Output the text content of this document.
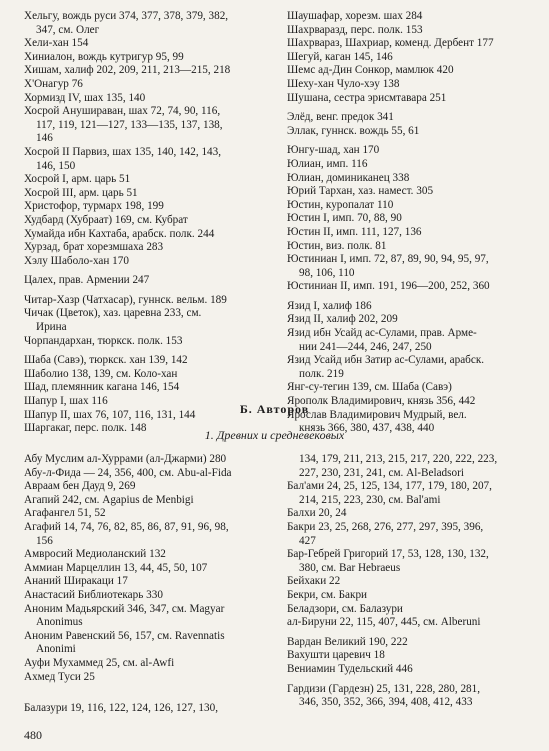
Хельгу, вождь руси 374, 377, 378, 379, 382,
347, см. Олег
Хели-хан 154
Хиниалон, вождь кутригур 95, 99
Хишам, халиф 202, 209, 211, 213—215, 218
Х'Онагур 76
Хормизд IV, шах 135, 140
Хосрой Анушираван, шах 72, 74, 90, 116,
117, 119, 121—127, 133—135, 137, 138,
146
Хосрой II Парвиз, шах 135, 140, 142, 143,
146, 150
Хосрой I, арм. царь 51
Хосрой III, арм. царь 51
Христофор, турмарх 198, 199
Худбард (Хубраат) 169, см. Кубрат
Хумайда ибн Кахтаба, арабск. полк. 244
Хурзад, брат хорезмшаха 283
Хэлу Шаболо-хан 170
Цалех, прав. Армении 247
Читар-Хазр (Чатхасар), гуннск. вельм. 189
Чичак (Цветок), хаз. царевна 233, см.
Ирина
Чорпандархан, тюркск. полк. 153
Шаба (Савэ), тюркск. хан 139, 142
Шаболио 138, 139, см. Коло-хан
Шад, племянник кагана 146, 154
Шапур I, шах 116
Шапур II, шах 76, 107, 116, 131, 144
Шаргакаг, перс. полк. 148
Шаушафар, хорезм. шах 284
Шахрваразд, перс. полк. 153
Шахрвараз, Шахриар, коменд. Дербент 177
Шегуй, каган 145, 146
Шемс ад-Дин Сонкор, мамлюк 420
Шеху-хан Чуло-хэу 138
Шушана, сестра эрисмтавара 251
Элёд, венг. предок 341
Эллак, гуннск. вождь 55, 61
Юнгу-шад, хан 170
Юлиан, имп. 116
Юлиан, доминиканец 338
Юрий Тархан, хаз. намест. 305
Юстин, куропалат 110
Юстин I, имп. 70, 88, 90
Юстин II, имп. 111, 127, 136
Юстин, виз. полк. 81
Юстиниан I, имп. 72, 87, 89, 90, 94, 95, 97,
98, 106, 110
Юстиниан II, имп. 191, 196—200, 252, 360
Язид I, халиф 186
Язид II, халиф 202, 209
Язид ибн Усайд ас-Сулами, прав. Арме-
нии 241—244, 246, 247, 250
Язид Усайд ибн Затир ас-Сулами, арабск.
полк. 219
Янг-су-тегин 139, см. Шаба (Савэ)
Ярополк Владимирович, князь 356, 442
Ярослав Владимирович Мудрый, вел.
князь 366, 380, 437, 438, 440
Б. Авторов
1. Древних и средневековых
Абу Муслим ал-Хуррами (ал-Джарми) 280
Абу-л-Фида — 24, 356, 400, см. Abu-al-Fida
Авраам бен Дауд 9, 269
Агапий 242, см. Agapius de Menbigi
Агафангел 51, 52
Агафий 14, 74, 76, 82, 85, 86, 87, 91, 96, 98,
156
Амвросий Медиоланский 132
Аммиан Марцеллин 13, 44, 45, 50, 107
Ананий Ширакаци 17
Анастасий Библиотекарь 330
Аноним Мадьярский 346, 347, см. Magyar
Anonimus
Аноним Равенский 56, 157, см. Ravennatis
Anonimi
Ауфи Мухаммед 25, см. al-Awfi
Ахмед Туси 25
Балазури 19, 116, 122, 124, 126, 127, 130,
134, 179, 211, 213, 215, 217, 220, 222, 223,
227, 230, 231, 241, см. Al-Beladsori
Бал'ами 24, 25, 125, 134, 177, 179, 180, 207,
214, 215, 223, 230, см. Bal'ami
Балхи 20, 24
Бакри 23, 25, 268, 276, 277, 297, 395, 396,
427
Бар-Гебрей Григорий 17, 53, 128, 130, 132,
380, см. Bar Hebraeus
Бейхаки 22
Бекри, см. Бакри
Беладзори, см. Балазури
ал-Бируни 22, 115, 407, 445, см. Alberuni
Вардан Великий 190, 222
Вахушти царевич 18
Вениамин Тудельский 446
Гардизи (Гардезн) 25, 131, 228, 280, 281,
346, 350, 352, 366, 394, 408, 412, 433
480
